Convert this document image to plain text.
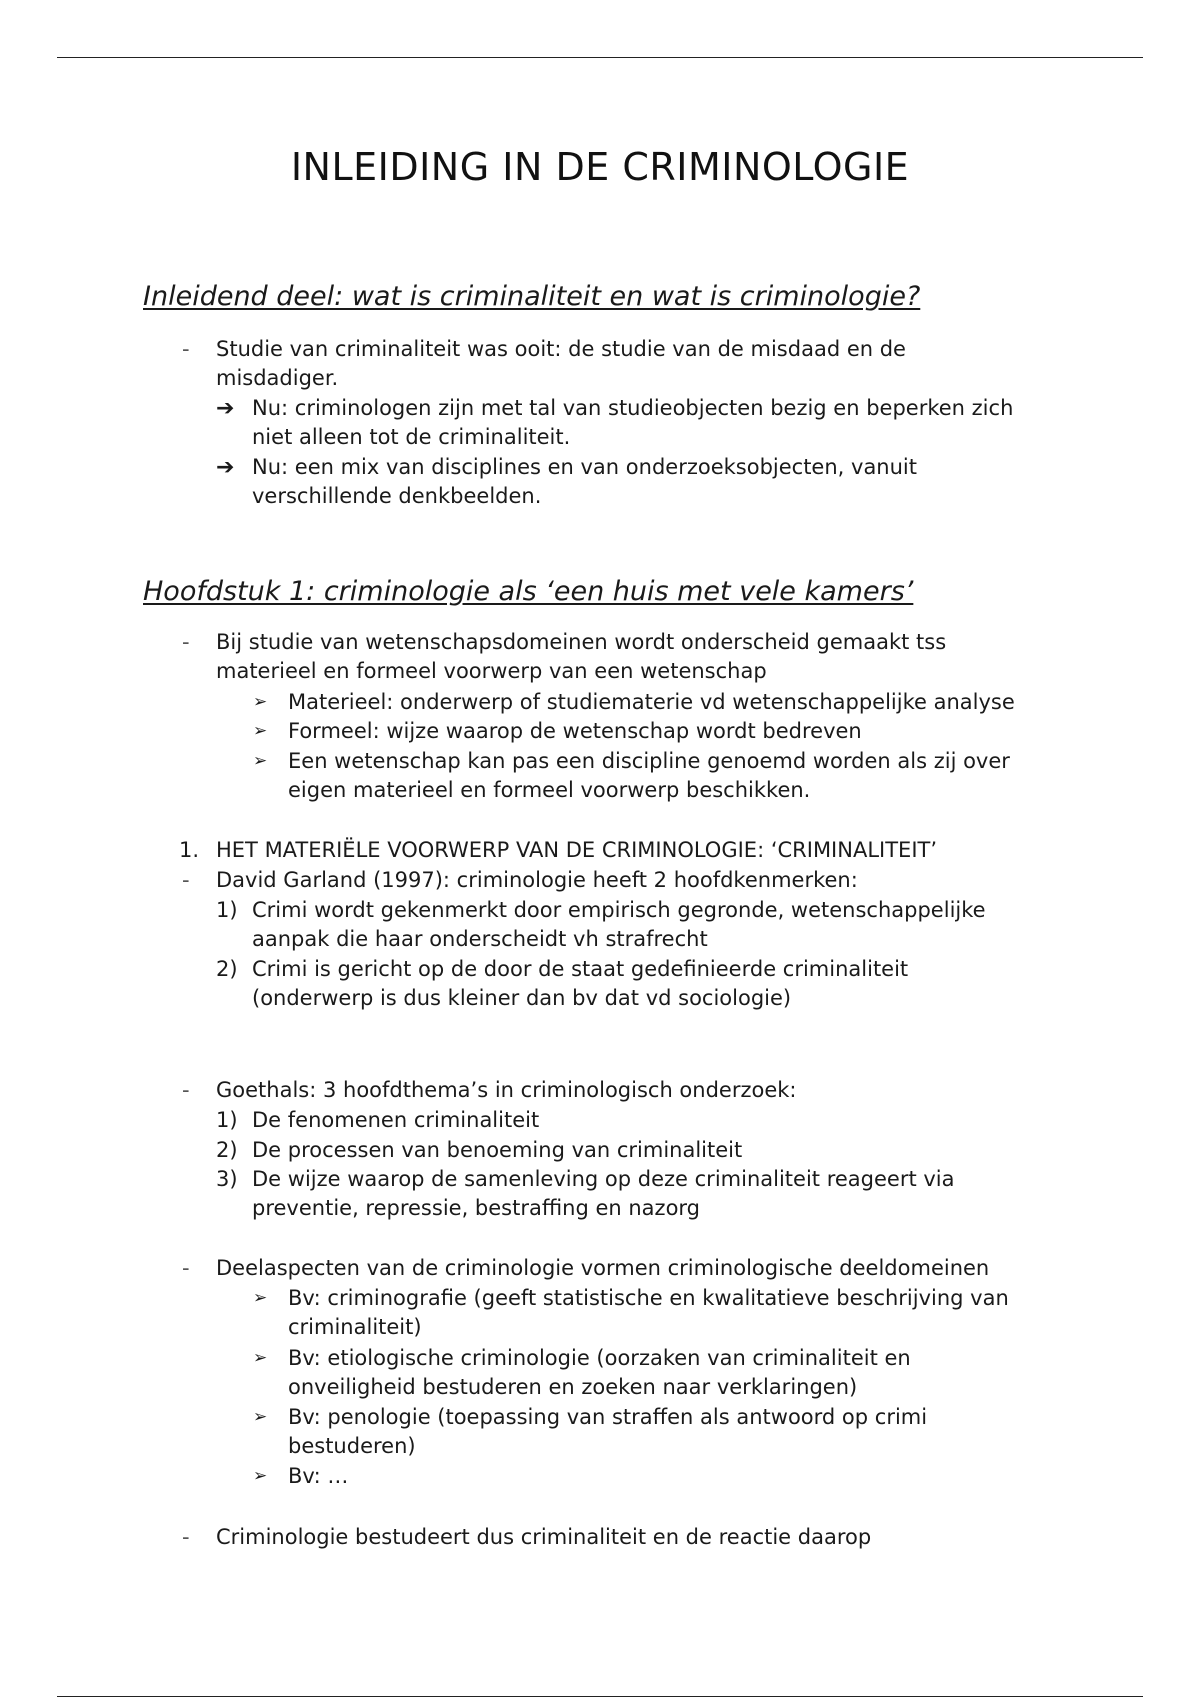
INLEIDING IN DE CRIMINOLOGIE
Inleidend deel: wat is criminaliteit en wat is criminologie?
- Studie van criminaliteit was ooit: de studie van de misdaad en de
misdadiger.
➔ Nu: criminologen zijn met tal van studieobjecten bezig en beperken zich
niet alleen tot de criminaliteit.
➔ Nu: een mix van disciplines en van onderzoeksobjecten, vanuit
verschillende denkbeelden.
Hoofdstuk 1: criminologie als ‘een huis met vele kamers’
- Bij studie van wetenschapsdomeinen wordt onderscheid gemaakt tss
materieel en formeel voorwerp van een wetenschap
➢ Materieel: onderwerp of studiematerie vd wetenschappelijke analyse
➢ Formeel: wijze waarop de wetenschap wordt bedreven
➢ Een wetenschap kan pas een discipline genoemd worden als zij over
eigen materieel en formeel voorwerp beschikken.
1. HET MATERIËLE VOORWERP VAN DE CRIMINOLOGIE: ‘CRIMINALITEIT’
- David Garland (1997): criminologie heeft 2 hoofdkenmerken:
1) Crimi wordt gekenmerkt door empirisch gegronde, wetenschappelijke
aanpak die haar onderscheidt vh strafrecht
2) Crimi is gericht op de door de staat gedefinieerde criminaliteit
(onderwerp is dus kleiner dan bv dat vd sociologie)
- Goethals: 3 hoofdthema’s in criminologisch onderzoek:
1) De fenomenen criminaliteit
2) De processen van benoeming van criminaliteit
3) De wijze waarop de samenleving op deze criminaliteit reageert via
preventie, repressie, bestraffing en nazorg
- Deelaspecten van de criminologie vormen criminologische deeldomeinen
➢ Bv: criminografie (geeft statistische en kwalitatieve beschrijving van
criminaliteit)
➢ Bv: etiologische criminologie (oorzaken van criminaliteit en
onveiligheid bestuderen en zoeken naar verklaringen)
➢ Bv: penologie (toepassing van straffen als antwoord op crimi
bestuderen)
➢ Bv: …
- Criminologie bestudeert dus criminaliteit en de reactie daarop
